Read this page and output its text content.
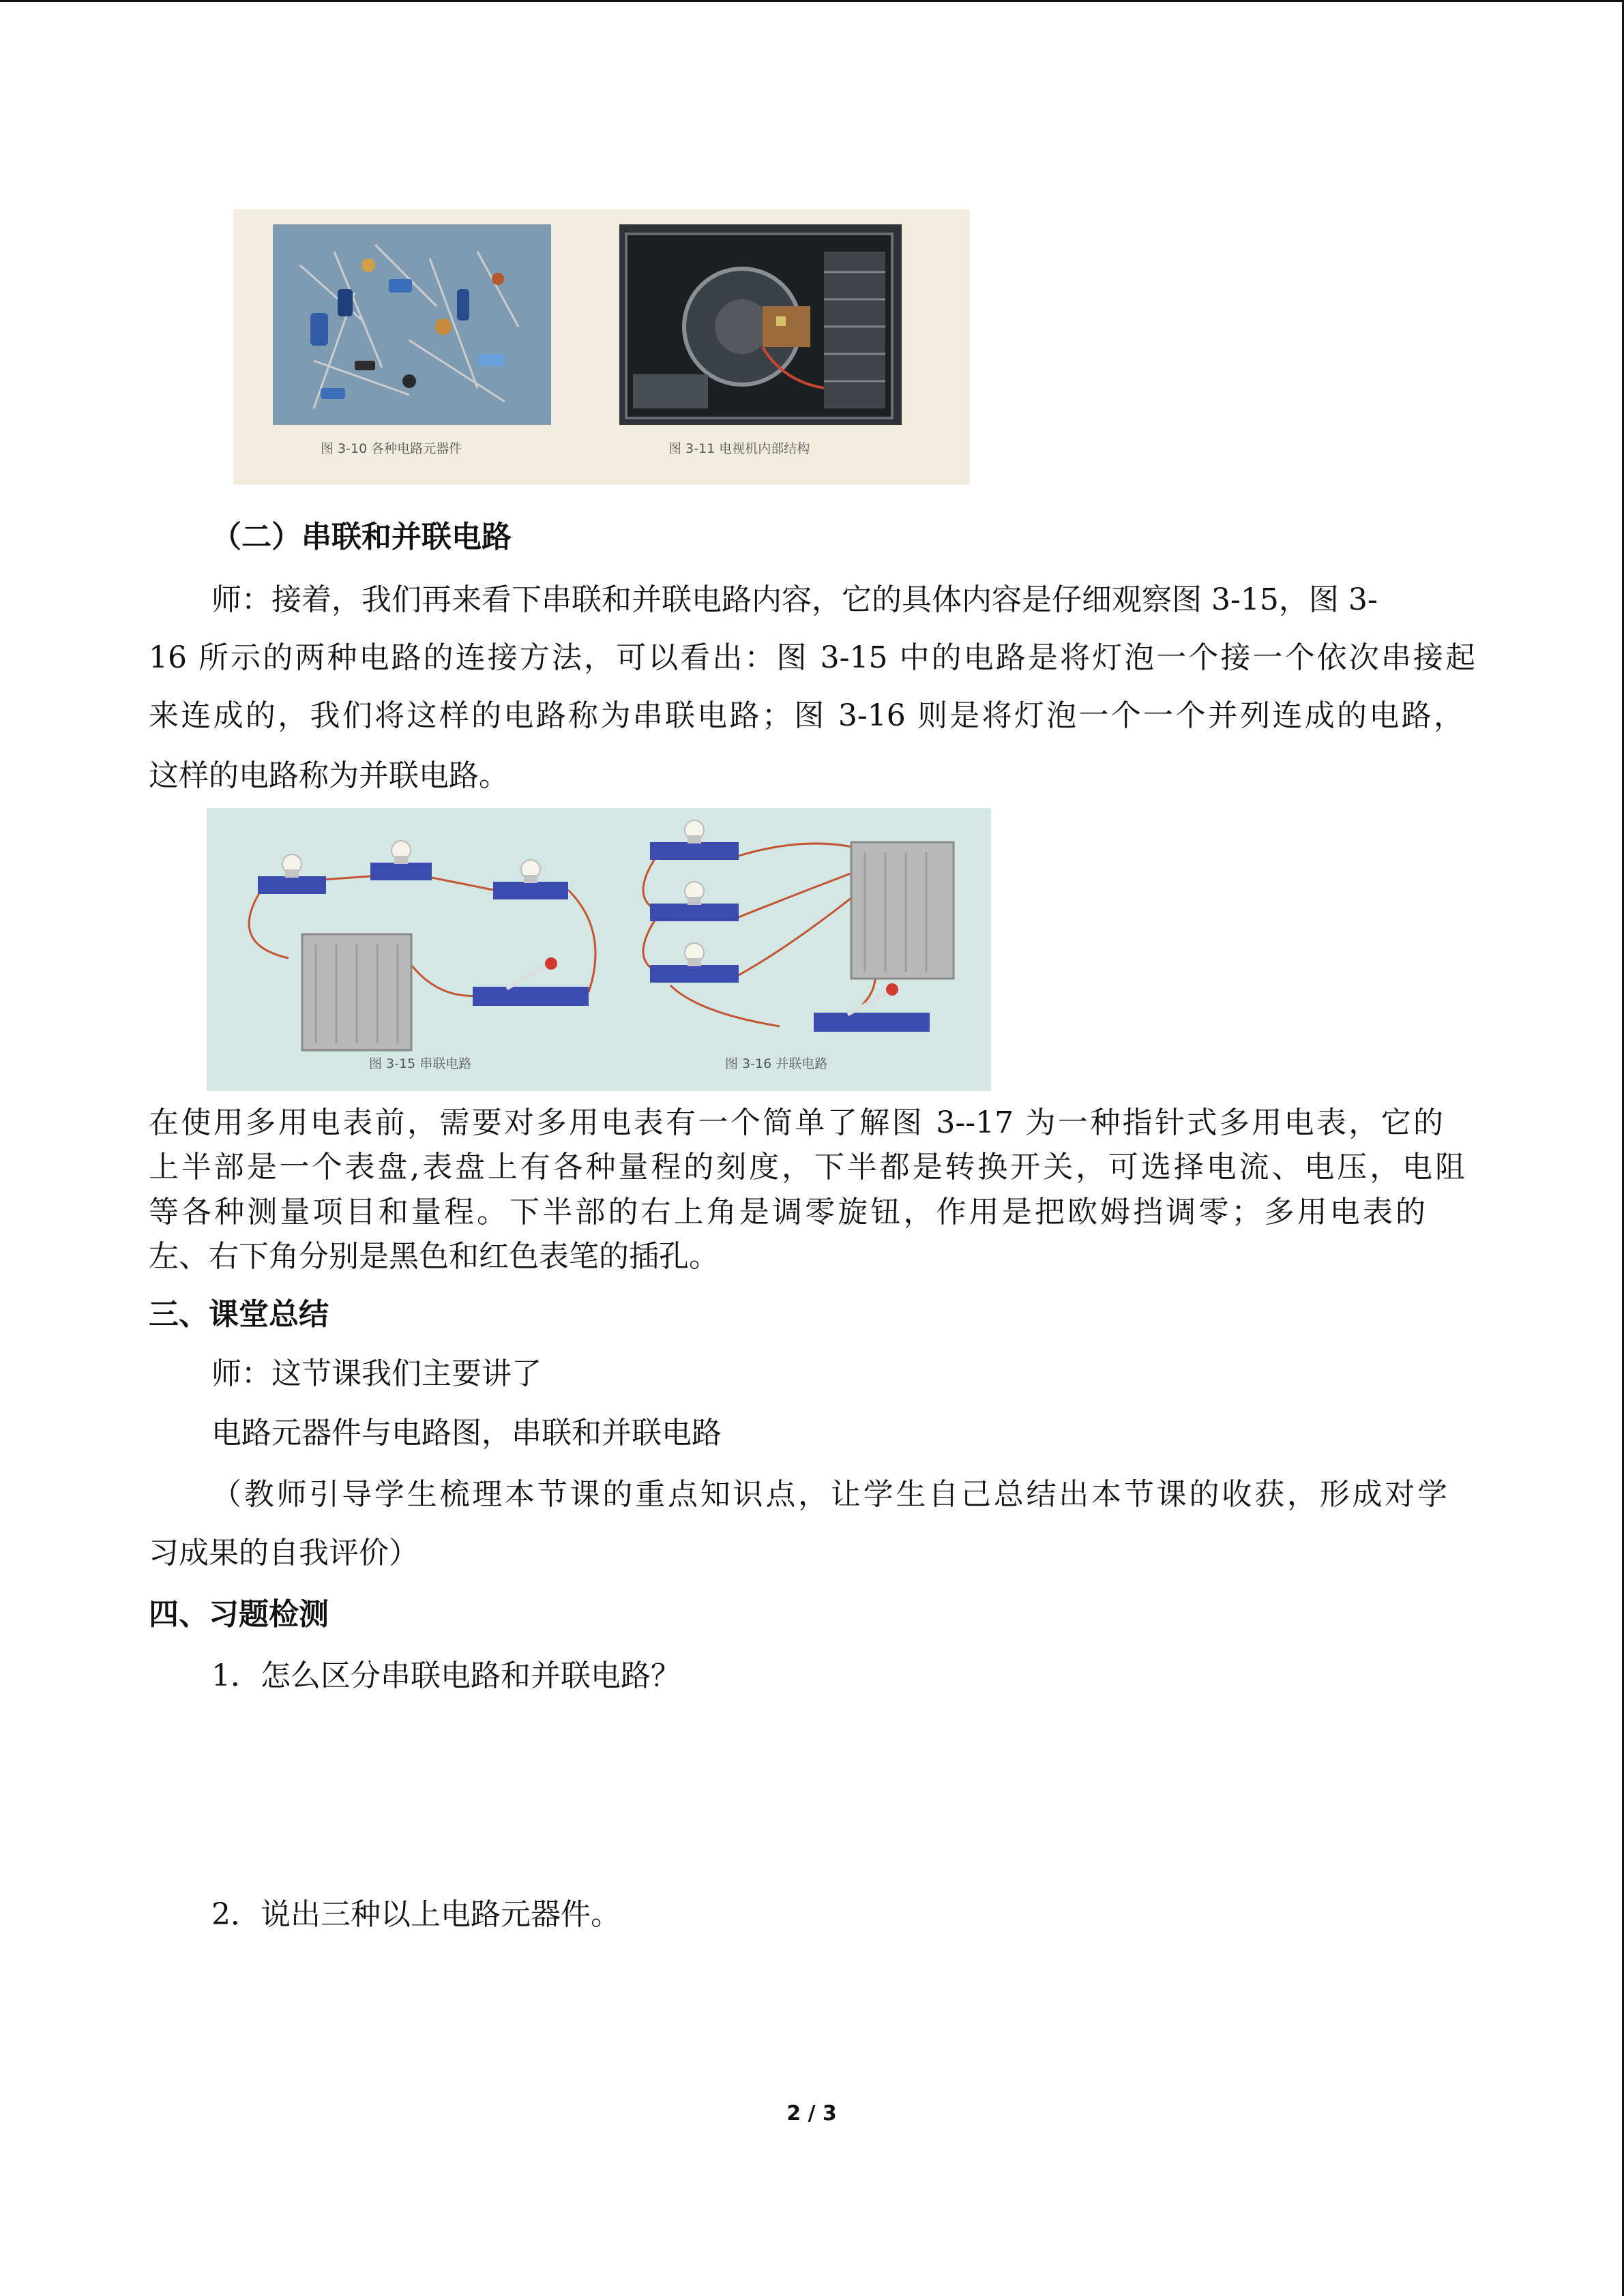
图 3-10 各种电路元器件	图 3-11 电视机内部结构
（二）串联和并联电路
师：接着，我们再来看下串联和并联电路内容，它的具体内容是仔细观察图 3-15，图 3-
16 所示的两种电路的连接方法，可以看出：图 3-15 中的电路是将灯泡一个接一个依次串接起
来连成的，我们将这样的电路称为串联电路；图 3-16 则是将灯泡一个一个并列连成的电路，
这样的电路称为并联电路。
图 3-15 串联电路	图 3-16 并联电路
在使用多用电表前，需要对多用电表有一个简单了解图 3--17 为一种指针式多用电表，它的
上半部是一个表盘,表盘上有各种量程的刻度，下半都是转换开关，可选择电流、电压，电阻
等各种测量项目和量程。下半部的右上角是调零旋钮，作用是把欧姆挡调零；多用电表的
左、右下角分别是黑色和红色表笔的插孔。
三、课堂总结
师：这节课我们主要讲了
电路元器件与电路图，串联和并联电路
（教师引导学生梳理本节课的重点知识点，让学生自己总结出本节课的收获，形成对学
习成果的自我评价）
四、习题检测
1．怎么区分串联电路和并联电路？
2．说出三种以上电路元器件。
2 / 3
